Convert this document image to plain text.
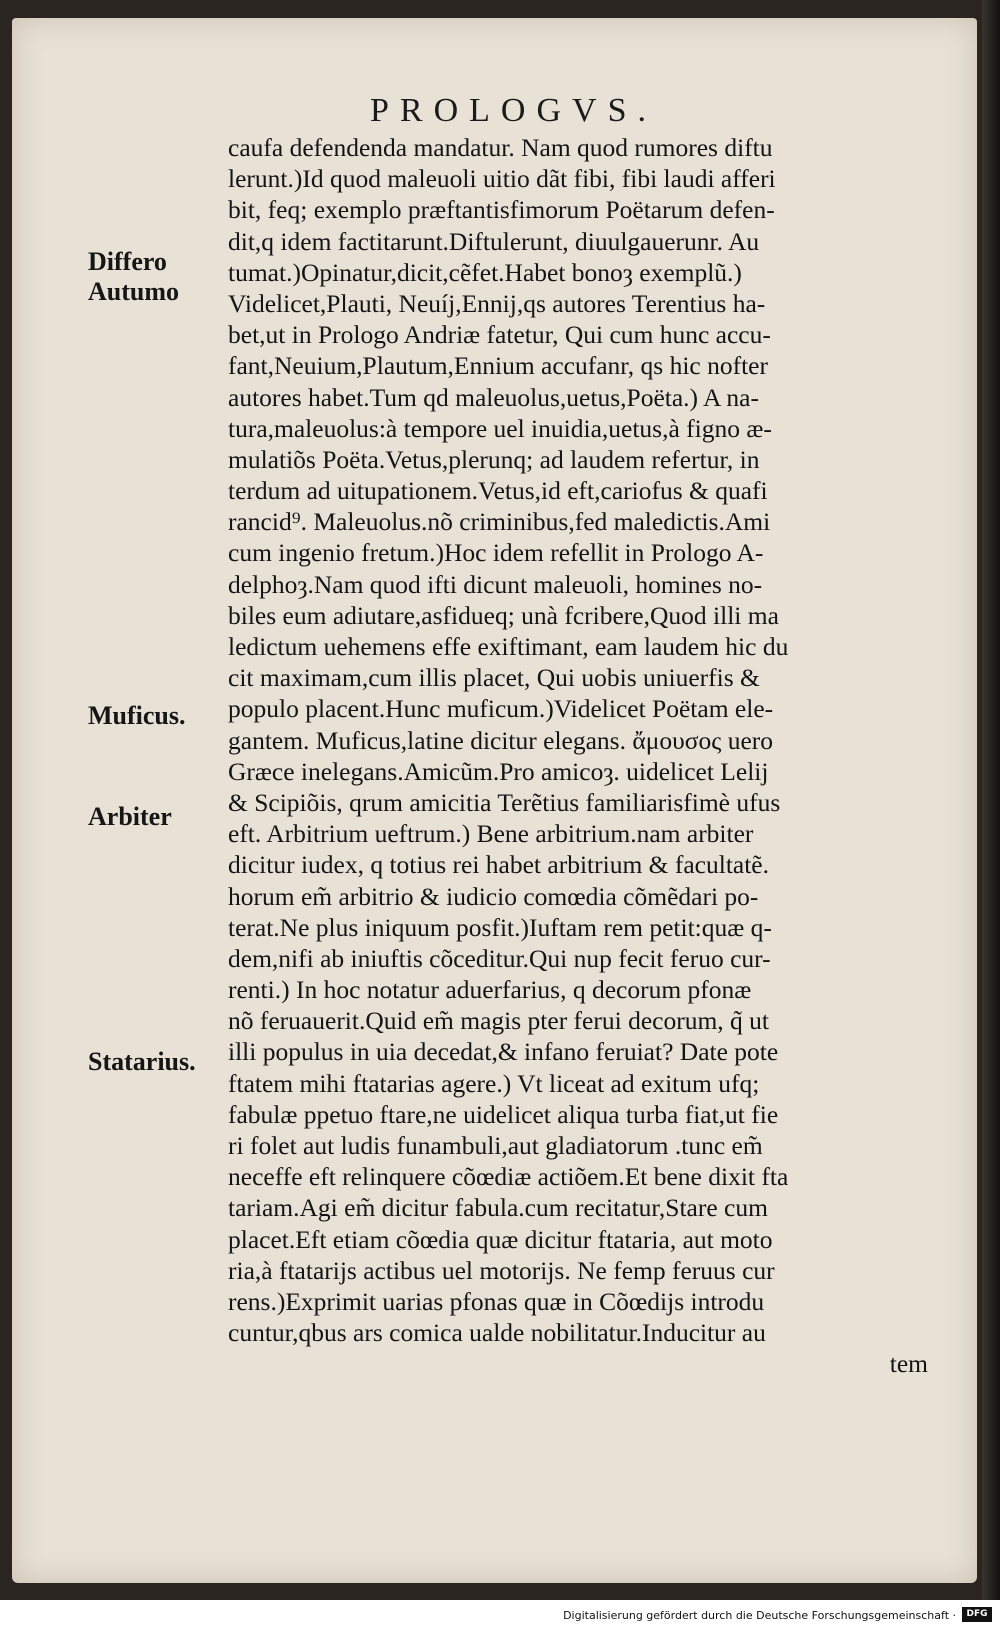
PROLOGVS.
Differo
Autumo
Muficus.
Arbiter
Statarius.
caufa defendenda mandatur. Nam quod rumores diftu
lerunt.)Id quod maleuoli uitio dãt fibi, fibi laudi afferi
bit, feq; exemplo præftantisfimorum Poëtarum defen-
dit,q idem factitarunt.Diftulerunt, diuulgauerunr. Au
tumat.)Opinatur,dicit,cẽfet.Habet bonoȝ exemplũ.)
Videlicet,Plauti, Neuíj,Ennij,qs autores Terentius ha-
bet,ut in Prologo Andriæ fatetur, Qui cum hunc accu-
fant,Neuium,Plautum,Ennium accufanr, qs hic nofter
autores habet.Tum qd maleuolus,uetus,Poëta.) A na-
tura,maleuolus:à tempore uel inuidia,uetus,à figno æ-
mulatiõs Poëta.Vetus,plerunq; ad laudem refertur, in
terdum ad uitupationem.Vetus,id eft,cariofus & quafi
rancid⁹. Maleuolus.nõ criminibus,fed maledictis.Ami
cum ingenio fretum.)Hoc idem refellit in Prologo A-
delphoȝ.Nam quod ifti dicunt maleuoli, homines no-
biles eum adiutare,asfidueq; unà fcribere,Quod illi ma
ledictum uehemens effe exiftimant, eam laudem hic du
cit maximam,cum illis placet, Qui uobis uniuerfis &
populo placent.Hunc muficum.)Videlicet Poëtam ele-
gantem. Muficus,latine dicitur elegans. ἄμουσος uero
Græce inelegans.Amicũm.Pro amicoȝ. uidelicet Lelij
& Scipiõis, qrum amicitia Terẽtius familiarisfimè ufus
eft. Arbitrium ueftrum.) Bene arbitrium.nam arbiter
dicitur iudex, q totius rei habet arbitrium & facultatẽ.
horum em̃ arbitrio & iudicio comœdia cõmẽdari po-
terat.Ne plus iniquum posfit.)Iuftam rem petit:quæ q-
dem,nifi ab iniuftis cõceditur.Qui nup fecit feruo cur-
renti.) In hoc notatur aduerfarius, q decorum pfonæ
nõ feruauerit.Quid em̃ magis pter ferui decorum, q̃ ut
illi populus in uia decedat,& infano feruiat? Date pote
ftatem mihi ftatarias agere.) Vt liceat ad exitum ufq;
fabulæ ppetuo ftare,ne uidelicet aliqua turba fiat,ut fie
ri folet aut ludis funambuli,aut gladiatorum .tunc em̃
neceffe eft relinquere cõœdiæ actiõem.Et bene dixit fta
tariam.Agi em̃ dicitur fabula.cum recitatur,Stare cum
placet.Eft etiam cõœdia quæ dicitur ftataria, aut moto
ria,à ftatarijs actibus uel motorijs. Ne femp feruus cur
rens.)Exprimit uarias pfonas quæ in Cõœdijs introdu
cuntur,qbus ars comica ualde nobilitatur.Inducitur au
tem
Digitalisierung gefördert durch die Deutsche Forschungsgemeinschaft ·	DFG
